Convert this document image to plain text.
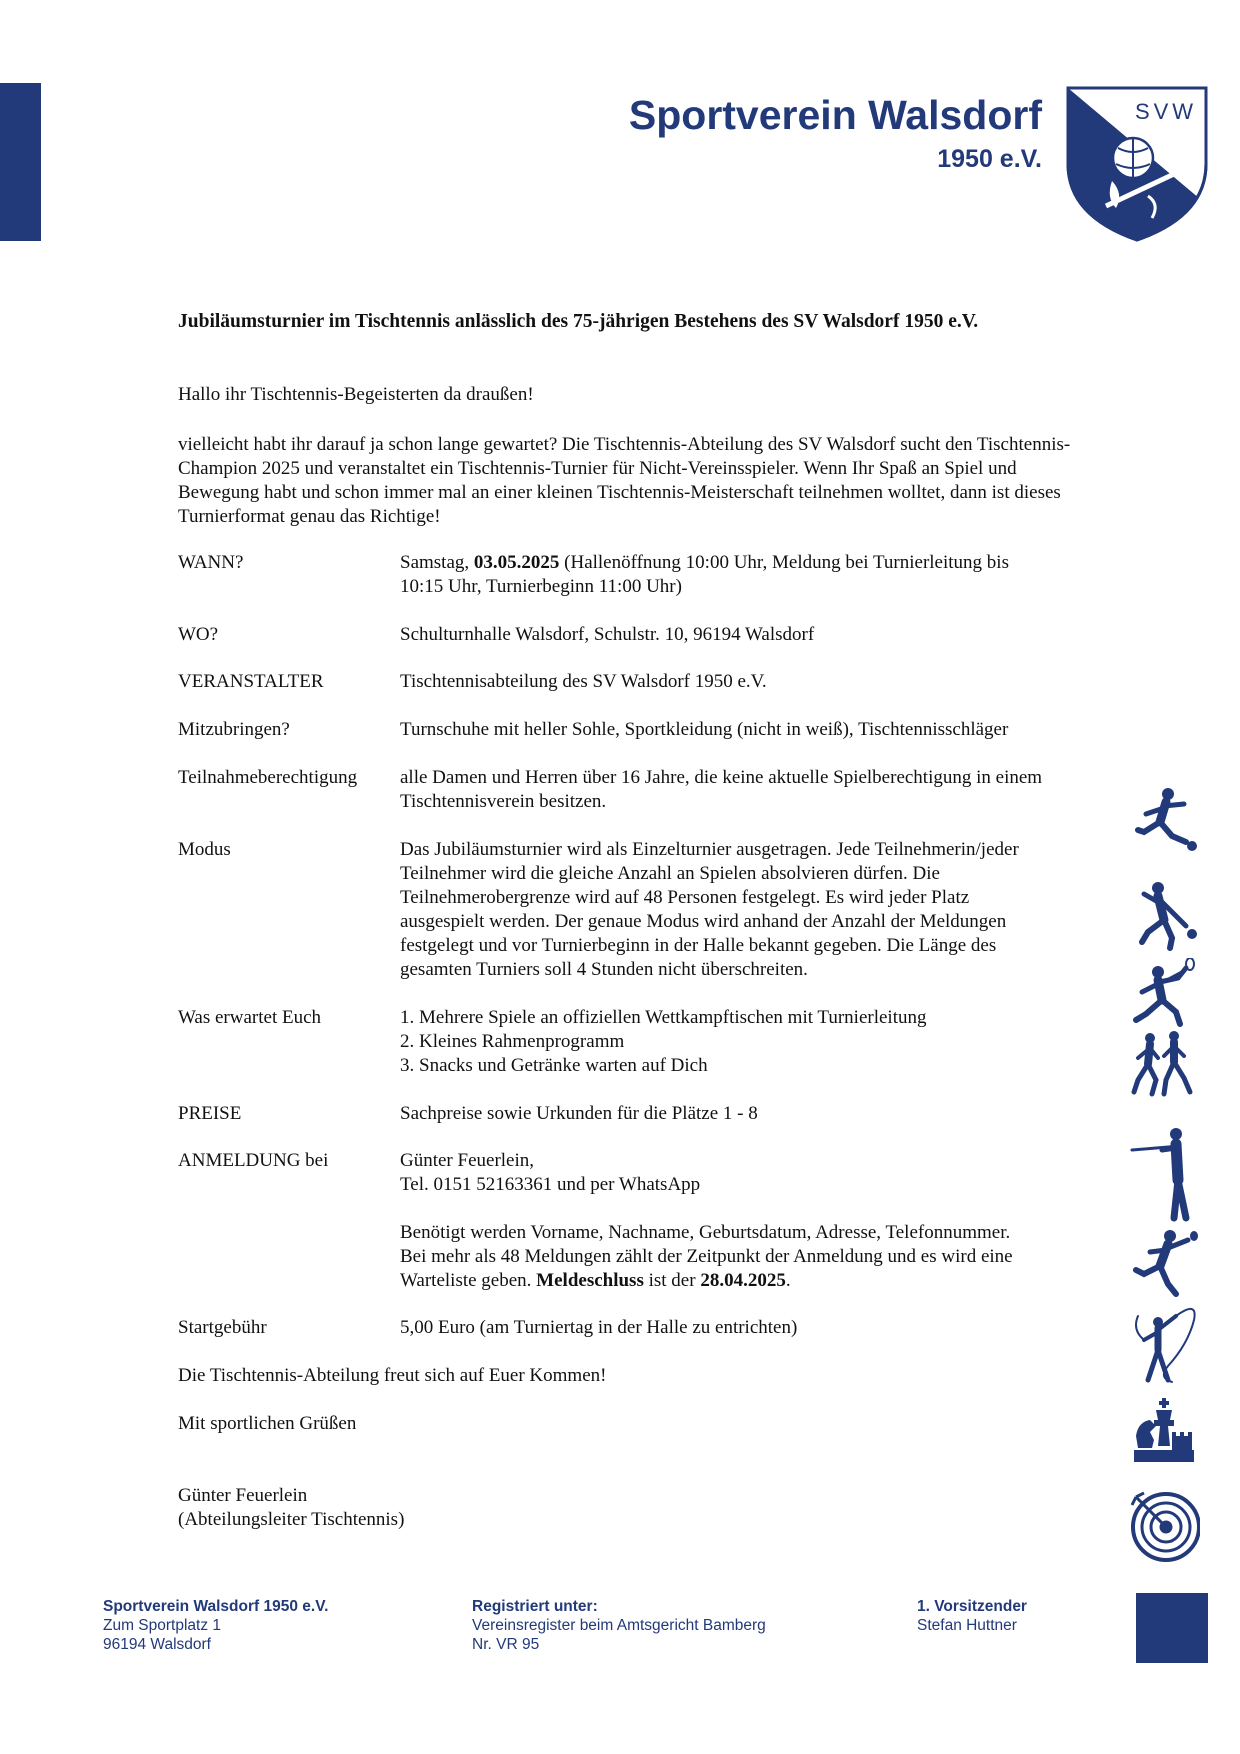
Sportverein Walsdorf
1950 e.V.
SVW
Jubiläumsturnier im Tischtennis anlässlich des 75-jährigen Bestehens des SV Walsdorf 1950 e.V.
Hallo ihr Tischtennis-Begeisterten da draußen!
vielleicht habt ihr darauf ja schon lange gewartet? Die Tischtennis-Abteilung des SV Walsdorf sucht den Tischtennis-
Champion 2025 und veranstaltet ein Tischtennis-Turnier für Nicht-Vereinsspieler. Wenn Ihr Spaß an Spiel und
Bewegung habt und schon immer mal an einer kleinen Tischtennis-Meisterschaft teilnehmen wolltet, dann ist dieses
Turnierformat genau das Richtige!
WANN?	Samstag, 03.05.2025 (Hallenöffnung 10:00 Uhr, Meldung bei Turnierleitung bis
10:15 Uhr, Turnierbeginn 11:00 Uhr)
WO?	Schulturnhalle Walsdorf, Schulstr. 10, 96194 Walsdorf
VERANSTALTER	Tischtennisabteilung des SV Walsdorf 1950 e.V.
Mitzubringen?	Turnschuhe mit heller Sohle, Sportkleidung (nicht in weiß), Tischtennisschläger
Teilnahmeberechtigung	alle Damen und Herren über 16 Jahre, die keine aktuelle Spielberechtigung in einem
Tischtennisverein besitzen.
Modus	Das Jubiläumsturnier wird als Einzelturnier ausgetragen. Jede Teilnehmerin/jeder
Teilnehmer wird die gleiche Anzahl an Spielen absolvieren dürfen. Die
Teilnehmerobergrenze wird auf 48 Personen festgelegt. Es wird jeder Platz
ausgespielt werden. Der genaue Modus wird anhand der Anzahl der Meldungen
festgelegt und vor Turnierbeginn in der Halle bekannt gegeben. Die Länge des
gesamten Turniers soll 4 Stunden nicht überschreiten.
Was erwartet Euch	1. Mehrere Spiele an offiziellen Wettkampftischen mit Turnierleitung
2. Kleines Rahmenprogramm
3. Snacks und Getränke warten auf Dich
PREISE	Sachpreise sowie Urkunden für die Plätze 1 - 8
ANMELDUNG bei	Günter Feuerlein,
Tel. 0151 52163361 und per WhatsApp
Benötigt werden Vorname, Nachname, Geburtsdatum, Adresse, Telefonnummer.
Bei mehr als 48 Meldungen zählt der Zeitpunkt der Anmeldung und es wird eine
Warteliste geben. Meldeschluss ist der 28.04.2025.
Startgebühr	5,00 Euro (am Turniertag in der Halle zu entrichten)
Die Tischtennis-Abteilung freut sich auf Euer Kommen!
Mit sportlichen Grüßen
Günter Feuerlein
(Abteilungsleiter Tischtennis)
Sportverein Walsdorf 1950 e.V.
Zum Sportplatz 1
96194 Walsdorf
Registriert unter:
Vereinsregister beim Amtsgericht Bamberg
Nr. VR 95
1. Vorsitzender
Stefan Huttner
